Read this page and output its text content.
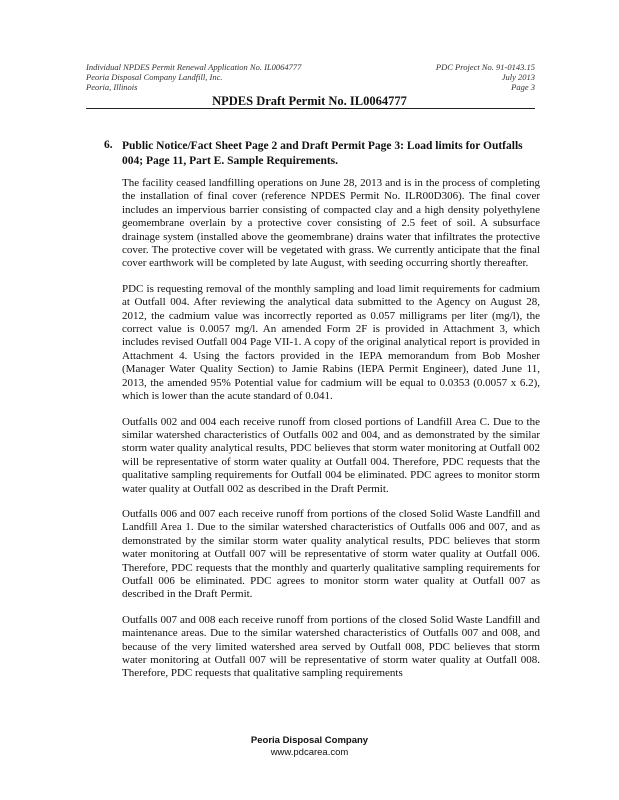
Individual NPDES Permit Renewal Application No. IL0064777
Peoria Disposal Company Landfill, Inc.
Peoria, Illinois
PDC Project No. 91-0143.15
July 2013
Page 3
NPDES Draft Permit No. IL0064777
6. Public Notice/Fact Sheet Page 2 and Draft Permit Page 3: Load limits for Outfalls 004; Page 11, Part E. Sample Requirements.

The facility ceased landfilling operations on June 28, 2013 and is in the process of completing the installation of final cover (reference NPDES Permit No. ILR00D306). The final cover includes an impervious barrier consisting of compacted clay and a high density polyethylene geomembrane overlain by a protective cover consisting of 2.5 feet of soil. A subsurface drainage system (installed above the geomembrane) drains water that infiltrates the protective cover. The protective cover will be vegetated with grass. We currently anticipate that the final cover earthwork will be completed by late August, with seeding occurring shortly thereafter.

PDC is requesting removal of the monthly sampling and load limit requirements for cadmium at Outfall 004. After reviewing the analytical data submitted to the Agency on August 28, 2012, the cadmium value was incorrectly reported as 0.057 milligrams per liter (mg/l), the correct value is 0.0057 mg/l. An amended Form 2F is provided in Attachment 3, which includes revised Outfall 004 Page VII-1. A copy of the original analytical report is provided in Attachment 4. Using the factors provided in the IEPA memorandum from Bob Mosher (Manager Water Quality Section) to Jamie Rabins (IEPA Permit Engineer), dated June 11, 2013, the amended 95% Potential value for cadmium will be equal to 0.0353 (0.0057 x 6.2), which is lower than the acute standard of 0.041.

Outfalls 002 and 004 each receive runoff from closed portions of Landfill Area C. Due to the similar watershed characteristics of Outfalls 002 and 004, and as demonstrated by the similar storm water quality analytical results, PDC believes that storm water monitoring at Outfall 002 will be representative of storm water quality at Outfall 004. Therefore, PDC requests that the qualitative sampling requirements for Outfall 004 be eliminated. PDC agrees to monitor storm water quality at Outfall 002 as described in the Draft Permit.

Outfalls 006 and 007 each receive runoff from portions of the closed Solid Waste Landfill and Landfill Area 1. Due to the similar watershed characteristics of Outfalls 006 and 007, and as demonstrated by the similar storm water quality analytical results, PDC believes that storm water monitoring at Outfall 007 will be representative of storm water quality at Outfall 006. Therefore, PDC requests that the monthly and quarterly qualitative sampling requirements for Outfall 006 be eliminated. PDC agrees to monitor storm water quality at Outfall 007 as described in the Draft Permit.

Outfalls 007 and 008 each receive runoff from portions of the closed Solid Waste Landfill and maintenance areas. Due to the similar watershed characteristics of Outfalls 007 and 008, and because of the very limited watershed area served by Outfall 008, PDC believes that storm water monitoring at Outfall 007 will be representative of storm water quality at Outfall 008. Therefore, PDC requests that qualitative sampling requirements

Peoria Disposal Company
www.pdcarea.com
